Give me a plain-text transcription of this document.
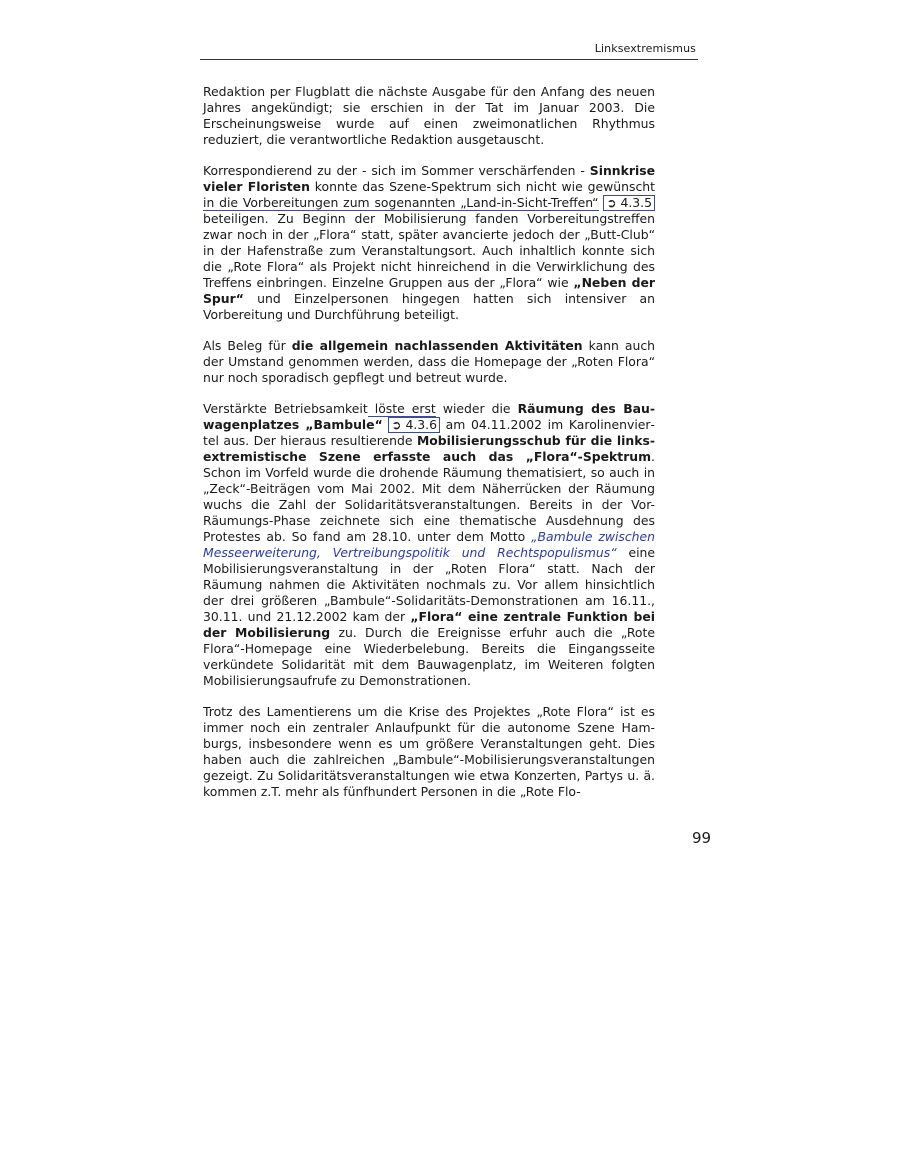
Linksextremismus

Redaktion per Flugblatt die nächste Ausgabe für den Anfang des neuen Jahres angekündigt; sie erschien in der Tat im Januar 2003. Die Erscheinungsweise wurde auf einen zweimonatlichen Rhythmus reduziert, die verantwortliche Redaktion ausgetauscht.

Korrespondierend zu der - sich im Sommer verschärfenden - Sinnkrise vieler Floristen konnte das Szene-Spektrum sich nicht wie gewünscht in die Vorbereitungen zum sogenannten „Land-in-Sicht-Treffen“ ➲ 4.3.5 beteiligen. Zu Beginn der Mobilisierung fanden Vorbereitungstreffen zwar noch in der „Flora“ statt, später avancierte jedoch der „Butt-Club“ in der Hafenstraße zum Veranstaltungsort. Auch inhaltlich konnte sich die „Rote Flora“ als Projekt nicht hinreichend in die Verwirklichung des Treffens einbringen. Einzelne Gruppen aus der „Flora“ wie „Neben der Spur“ und Einzelpersonen hingegen hatten sich intensiver an Vorbereitung und Durchführung beteiligt.

Als Beleg für die allgemein nachlassenden Aktivitäten kann auch der Umstand genommen werden, dass die Homepage der „Roten Flora“ nur noch sporadisch gepflegt und betreut wurde.

Verstärkte Betriebsamkeit löste erst wieder die Räumung des Bauwagenplatzes „Bambule“ ➲ 4.3.6 am 04.11.2002 im Karolinenviertel aus. Der hieraus resultierende Mobilisierungsschub für die linksextremistische Szene erfasste auch das „Flora“-Spektrum. Schon im Vorfeld wurde die drohende Räumung thematisiert, so auch in „Zeck“-Beiträgen vom Mai 2002. Mit dem Näherrücken der Räumung wuchs die Zahl der Solidaritätsveranstaltungen. Bereits in der Vor-Räumungs-Phase zeichnete sich eine thematische Ausdehnung des Protestes ab. So fand am 28.10. unter dem Motto „Bambule zwischen Messeerweiterung, Vertreibungspolitik und Rechtspopulismus“ eine Mobilisierungsveranstaltung in der „Roten Flora“ statt. Nach der Räumung nahmen die Aktivitäten nochmals zu. Vor allem hinsichtlich der drei größeren „Bambule“-Solidaritäts-Demonstrationen am 16.11., 30.11. und 21.12.2002 kam der „Flora“ eine zentrale Funktion bei der Mobilisierung zu. Durch die Ereignisse erfuhr auch die „Rote Flora“-Homepage eine Wiederbelebung. Bereits die Eingangsseite verkündete Solidarität mit dem Bauwagenplatz, im Weiteren folgten Mobilisierungsaufrufe zu Demonstrationen.

Trotz des Lamentierens um die Krise des Projektes „Rote Flora“ ist es immer noch ein zentraler Anlaufpunkt für die autonome Szene Hamburgs, insbesondere wenn es um größere Veranstaltungen geht. Dies haben auch die zahlreichen „Bambule“-Mobilisierungsveranstaltungen gezeigt. Zu Solidaritätsveranstaltungen wie etwa Konzerten, Partys u. ä. kommen z.T. mehr als fünfhundert Personen in die „Rote Flo-

99
